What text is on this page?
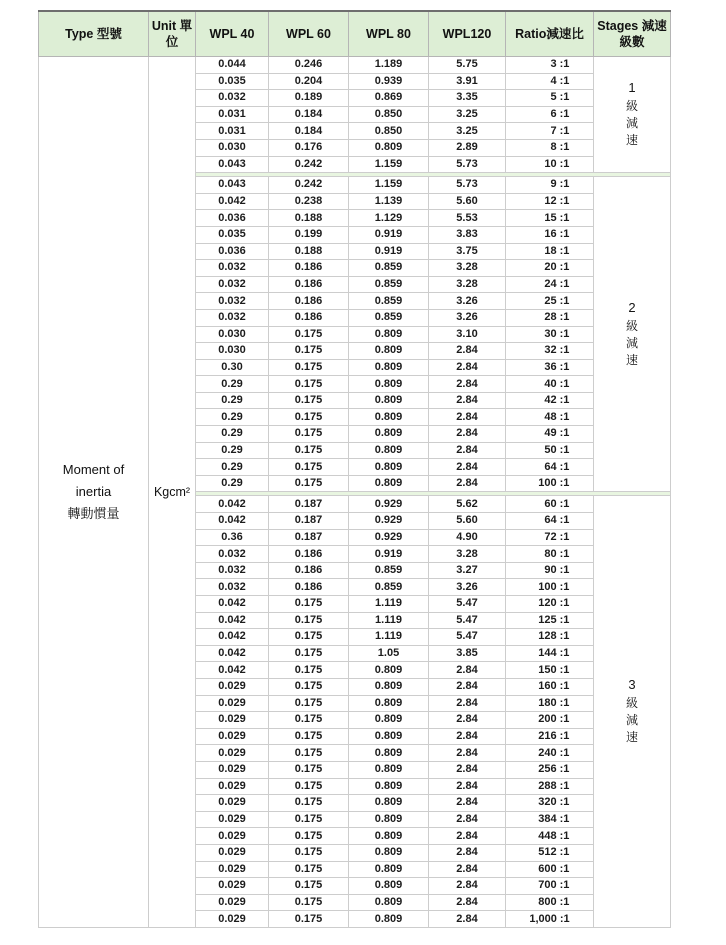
Type 型號	Unit 單位	WPL 40	WPL 60	WPL 80	WPL120	Ratio減速比	Stages 減速級數

Moment of
inertia
轉動慣量
	Kgcm²	0.044	0.246	1.189	5.75	3 :1	
1
級
減
速

		0.035	0.204	0.939	3.91	4 :1	
		0.032	0.189	0.869	3.35	5 :1	
		0.031	0.184	0.850	3.25	6 :1	
		0.031	0.184	0.850	3.25	7 :1	
		0.030	0.176	0.809	2.89	8 :1	
		0.043	0.242	1.159	5.73	10 :1	

		0.043	0.242	1.159	5.73	9 :1	2
級
減
速

		0.042	0.238	1.139	5.60	12 :1	
		0.036	0.188	1.129	5.53	15 :1	
		0.035	0.199	0.919	3.83	16 :1	
		0.036	0.188	0.919	3.75	18 :1	
		0.032	0.186	0.859	3.28	20 :1	
		0.032	0.186	0.859	3.28	24 :1	
		0.032	0.186	0.859	3.26	25 :1	
		0.032	0.186	0.859	3.26	28 :1	
		0.030	0.175	0.809	3.10	30 :1	
		0.030	0.175	0.809	2.84	32 :1	
		0.30	0.175	0.809	2.84	36 :1	
		0.29	0.175	0.809	2.84	40 :1	
		0.29	0.175	0.809	2.84	42 :1	
		0.29	0.175	0.809	2.84	48 :1	
		0.29	0.175	0.809	2.84	49 :1	
		0.29	0.175	0.809	2.84	50 :1	
		0.29	0.175	0.809	2.84	64 :1	
		0.29	0.175	0.809	2.84	100 :1	

		0.042	0.187	0.929	5.62	60 :1	3
級
減
速

		0.042	0.187	0.929	5.60	64 :1	
		0.36	0.187	0.929	4.90	72 :1	
		0.032	0.186	0.919	3.28	80 :1	
		0.032	0.186	0.859	3.27	90 :1	
		0.032	0.186	0.859	3.26	100 :1	
		0.042	0.175	1.119	5.47	120 :1	
		0.042	0.175	1.119	5.47	125 :1	
		0.042	0.175	1.119	5.47	128 :1	
		0.042	0.175	1.05	3.85	144 :1	
		0.042	0.175	0.809	2.84	150 :1	
		0.029	0.175	0.809	2.84	160 :1	
		0.029	0.175	0.809	2.84	180 :1	
		0.029	0.175	0.809	2.84	200 :1	
		0.029	0.175	0.809	2.84	216 :1	
		0.029	0.175	0.809	2.84	240 :1	
		0.029	0.175	0.809	2.84	256 :1	
		0.029	0.175	0.809	2.84	288 :1	
		0.029	0.175	0.809	2.84	320 :1	
		0.029	0.175	0.809	2.84	384 :1	
		0.029	0.175	0.809	2.84	448 :1	
		0.029	0.175	0.809	2.84	512 :1	
		0.029	0.175	0.809	2.84	600 :1	
		0.029	0.175	0.809	2.84	700 :1	
		0.029	0.175	0.809	2.84	800 :1	
		0.029	0.175	0.809	2.84	1,000 :1	
